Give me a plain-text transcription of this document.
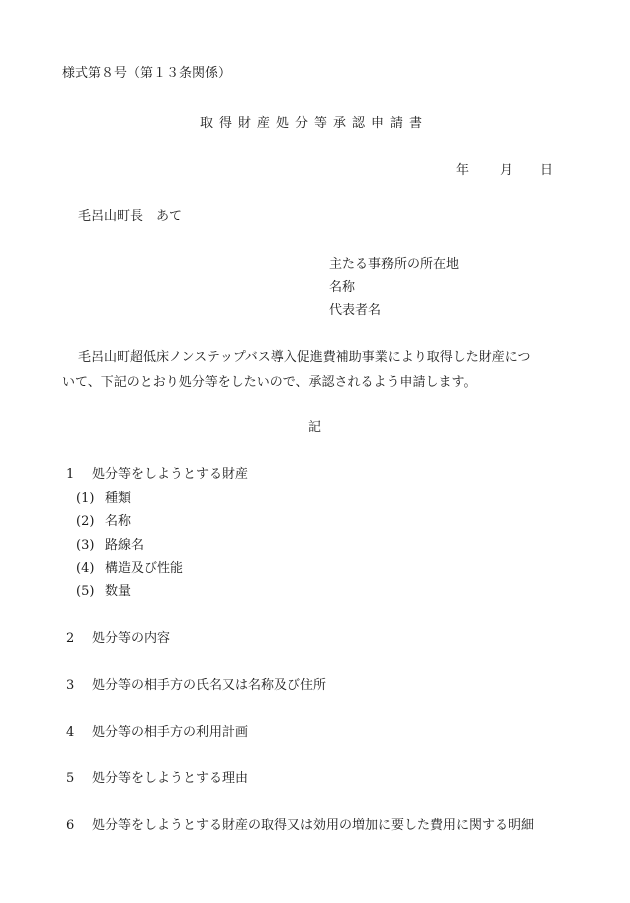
様式第８号（第１３条関係）
取得財産処分等承認申請書
年 月 日
毛呂山町長　あて
主たる事務所の所在地
名称
代表者名
毛呂山町超低床ノンステップバス導入促進費補助事業により取得した財産につ
いて、下記のとおり処分等をしたいので、承認されるよう申請します。
記
1 処分等をしようとする財産
(1) 種類
(2) 名称
(3) 路線名
(4) 構造及び性能
(5) 数量
2 処分等の内容
3 処分等の相手方の氏名又は名称及び住所
4 処分等の相手方の利用計画
5 処分等をしようとする理由
6 処分等をしようとする財産の取得又は効用の増加に要した費用に関する明細
